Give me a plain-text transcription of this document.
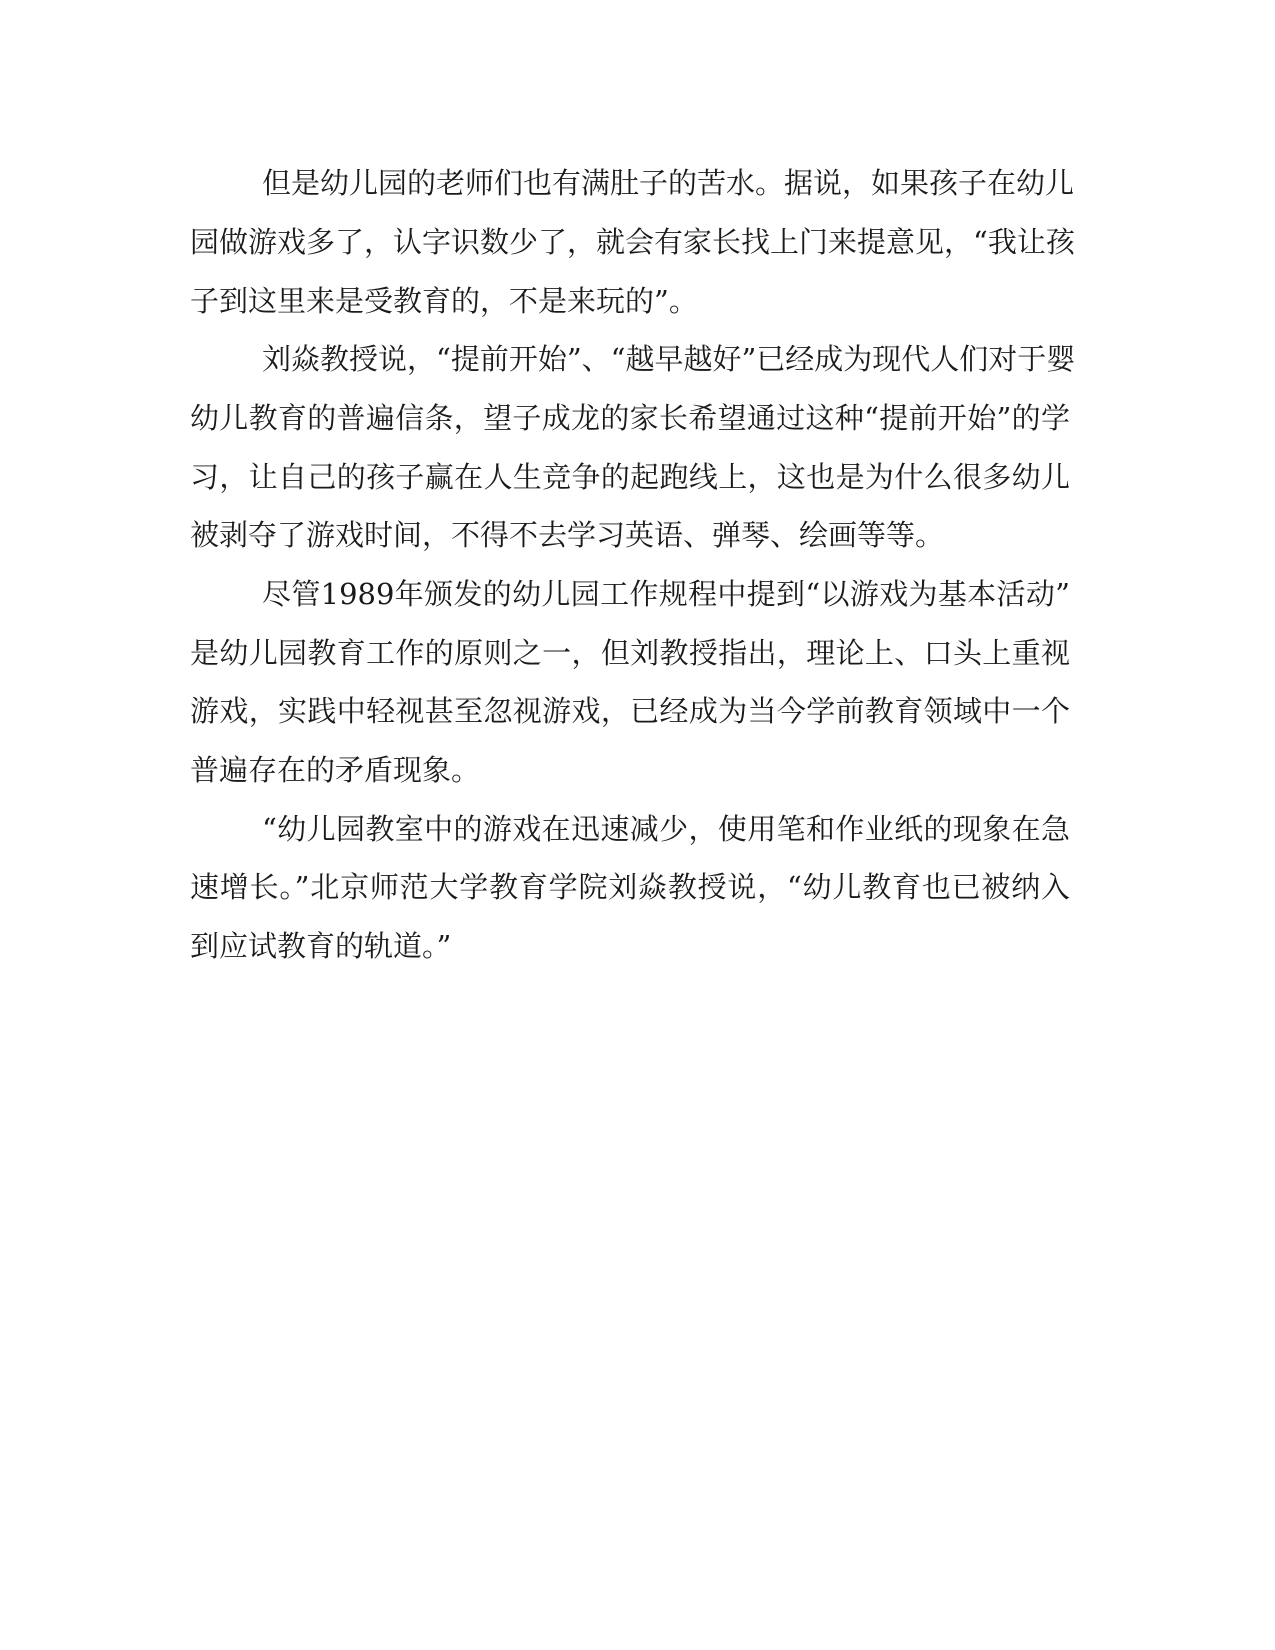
但是幼儿园的老师们也有满肚子的苦水。据说，如果孩子在幼儿
园做游戏多了，认字识数少了，就会有家长找上门来提意见，“我让孩
子到这里来是受教育的，不是来玩的”。
刘焱教授说，“提前开始”、“越早越好”已经成为现代人们对于婴
幼儿教育的普遍信条，望子成龙的家长希望通过这种“提前开始”的学
习，让自己的孩子赢在人生竞争的起跑线上，这也是为什么很多幼儿
被剥夺了游戏时间，不得不去学习英语、弹琴、绘画等等。
尽管1989年颁发的幼儿园工作规程中提到“以游戏为基本活动”
是幼儿园教育工作的原则之一，但刘教授指出，理论上、口头上重视
游戏，实践中轻视甚至忽视游戏，已经成为当今学前教育领域中一个
普遍存在的矛盾现象。
“幼儿园教室中的游戏在迅速减少，使用笔和作业纸的现象在急
速增长。”北京师范大学教育学院刘焱教授说，“幼儿教育也已被纳入
到应试教育的轨道。”
